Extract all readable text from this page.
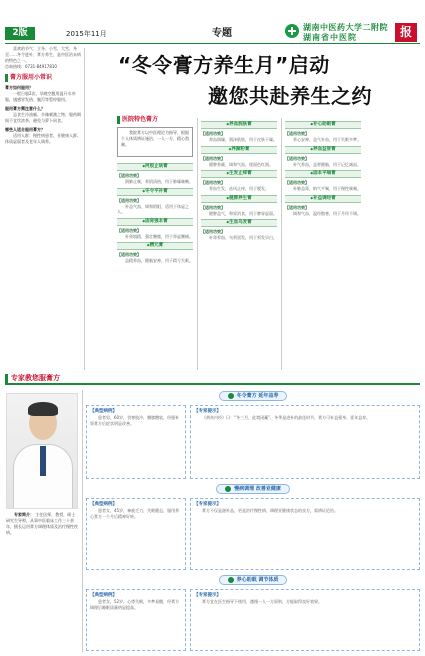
2版	2015年11月	专题
湖南中医药大学二附院
湖南省中医院	报
“冬令膏方养生月”启动
邀您共赴养生之约
喜欢的节气：立冬、小雪、大雪、冬至……冬令进补，膏方养生，是中医治未病的特色之一。
咨询热线：0731-84917810
膏方服用小常识
膏方如何服用？
一般日服2次，早晚空腹用温开水冲服，遇感冒发热、腹泻等暂停服用。
服用膏方需注意什么？
忌食生冷油腻、辛辣刺激之物，服药期间不宜饮浓茶，避免与萝卜同食。
哪些人适合服用膏方？
适用人群：慢性病患者、亚健康人群、体质虚弱者及老年人调养。
医院特色膏方
我院膏方以中医理论为指导，根据个人体质辨证施治，一人一方，精心熬制。
◆ 阿胶止咳膏
【适用功效】
润肺止咳，养阴清热，用于肺燥咳嗽。
◆ 冬令平补膏
【适用功效】
补益气血，调和阴阳，适用于体虚之人。
◆ 固肾强本膏
【适用功效】
补肾填精，强壮腰膝，用于肾虚腰痛。
◆ 精元膏
【适用功效】
益精养血，健脑安神，用于精亏失眠。
◆ 养血润肤膏
【适用功效】
养血润燥，润泽肌肤，用于皮肤干燥。
◆ 养颜粉膏
【适用功效】
健脾养颜，调和气血，使面色红润。
◆ 生发止痒膏
【适用功效】
养血生发，祛风止痒，用于脱发。
◆ 健脾养生膏
【适用功效】
健脾益气，和胃消食，用于脾胃虚弱。
◆ 生血乌发膏
【适用功效】
补肾养血，乌须黑发，用于须发早白。
◆ 补心助眠膏
【适用功效】
养心安神，益气补血，用于失眠多梦。
◆ 养血益智膏
【适用功效】
补气养血，益智健脑，用于记忆减退。
◆ 固本平喘膏
【适用功效】
补肺益肾，纳气平喘，用于慢性咳喘。
◆ 补益调经膏
【适用功效】
调和气血，温经散寒，用于月经不调。
专家教您服膏方
专家简介： 主任医师，教授，硕士研究生导师，从事中医临床工作三十余年，擅长运用膏方调理体质及治疗慢性疾病。
冬令膏方 延年益寿
【典型病例】
患者男，60岁，畏寒肢冷，腰膝酸软，经服补肾膏方后症状明显改善。
【专家提示】
《黄帝内经》曰：“冬三月，此谓闭藏”，冬季是进补的最佳时节，膏方可补益强身、延年益寿。
慢病调理 改善亚健康
【典型病例】
患者女，45岁，神疲乏力，失眠健忘，服用养心膏方一个月后精神好转。
【专家提示】
膏方不仅是滋补品，更是治疗慢性病、调理亚健康状态的良方，需辨证论治。
养心助眠 调节体质
【典型病例】
患者女，52岁，心悸失眠，多梦易醒，经膏方调理后睡眠质量明显提高。
【专家提示】
膏方宜在医生指导下使用，遵循一人一方原则，方能取得良好效果。
